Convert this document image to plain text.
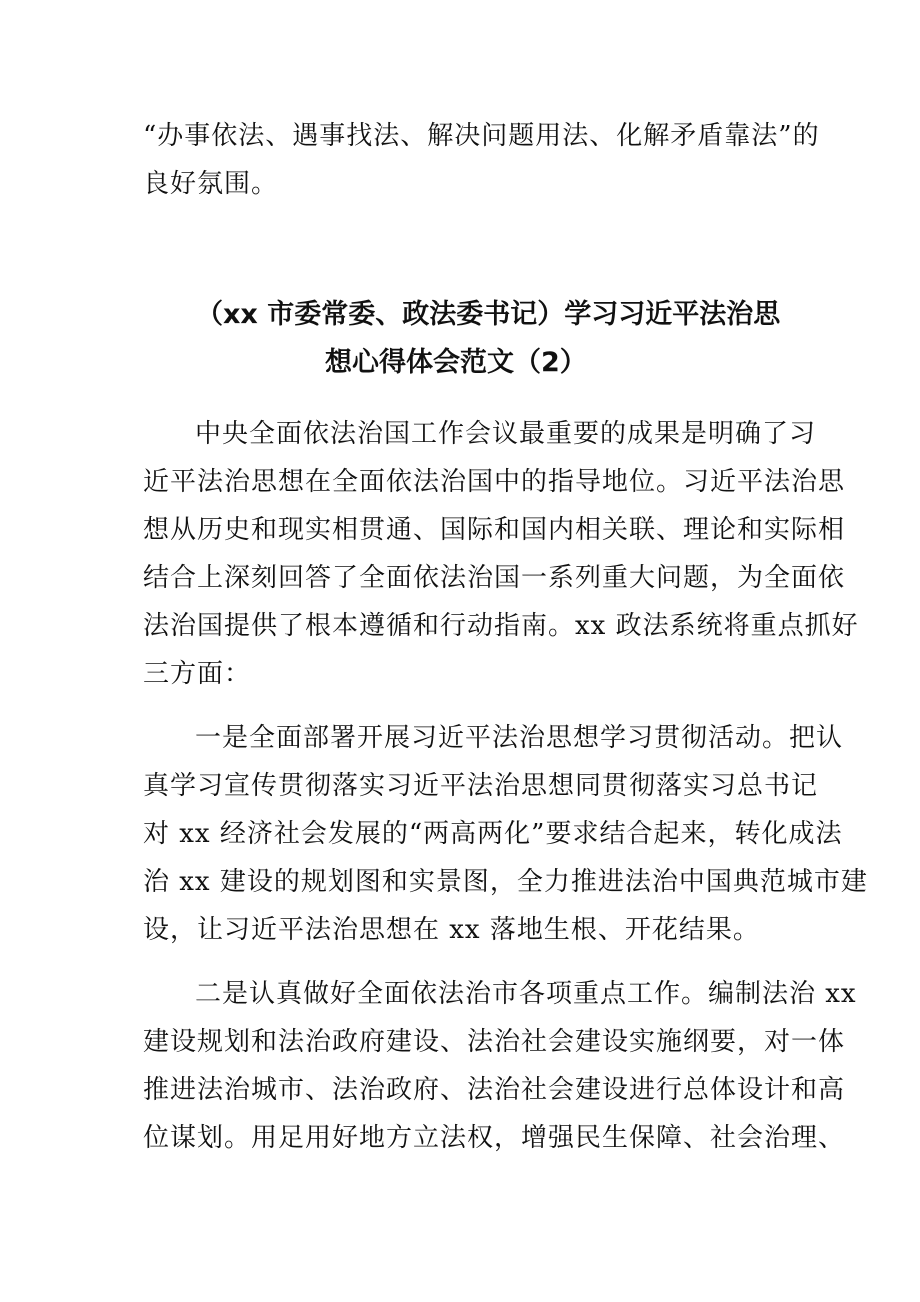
“办事依法、遇事找法、解决问题用法、化解矛盾靠法”的
良好氛围。
（xx 市委常委、政法委书记）学习习近平法治思
想心得体会范文（2）
中央全面依法治国工作会议最重要的成果是明确了习
近平法治思想在全面依法治国中的指导地位。习近平法治思
想从历史和现实相贯通、国际和国内相关联、理论和实际相
结合上深刻回答了全面依法治国一系列重大问题，为全面依
法治国提供了根本遵循和行动指南。xx 政法系统将重点抓好
三方面：
一是全面部署开展习近平法治思想学习贯彻活动。把认
真学习宣传贯彻落实习近平法治思想同贯彻落实习总书记
对 xx 经济社会发展的“两高两化”要求结合起来，转化成法
治 xx 建设的规划图和实景图，全力推进法治中国典范城市建
设，让习近平法治思想在 xx 落地生根、开花结果。
二是认真做好全面依法治市各项重点工作。编制法治 xx
建设规划和法治政府建设、法治社会建设实施纲要，对一体
推进法治城市、法治政府、法治社会建设进行总体设计和高
位谋划。用足用好地方立法权，增强民生保障、社会治理、
